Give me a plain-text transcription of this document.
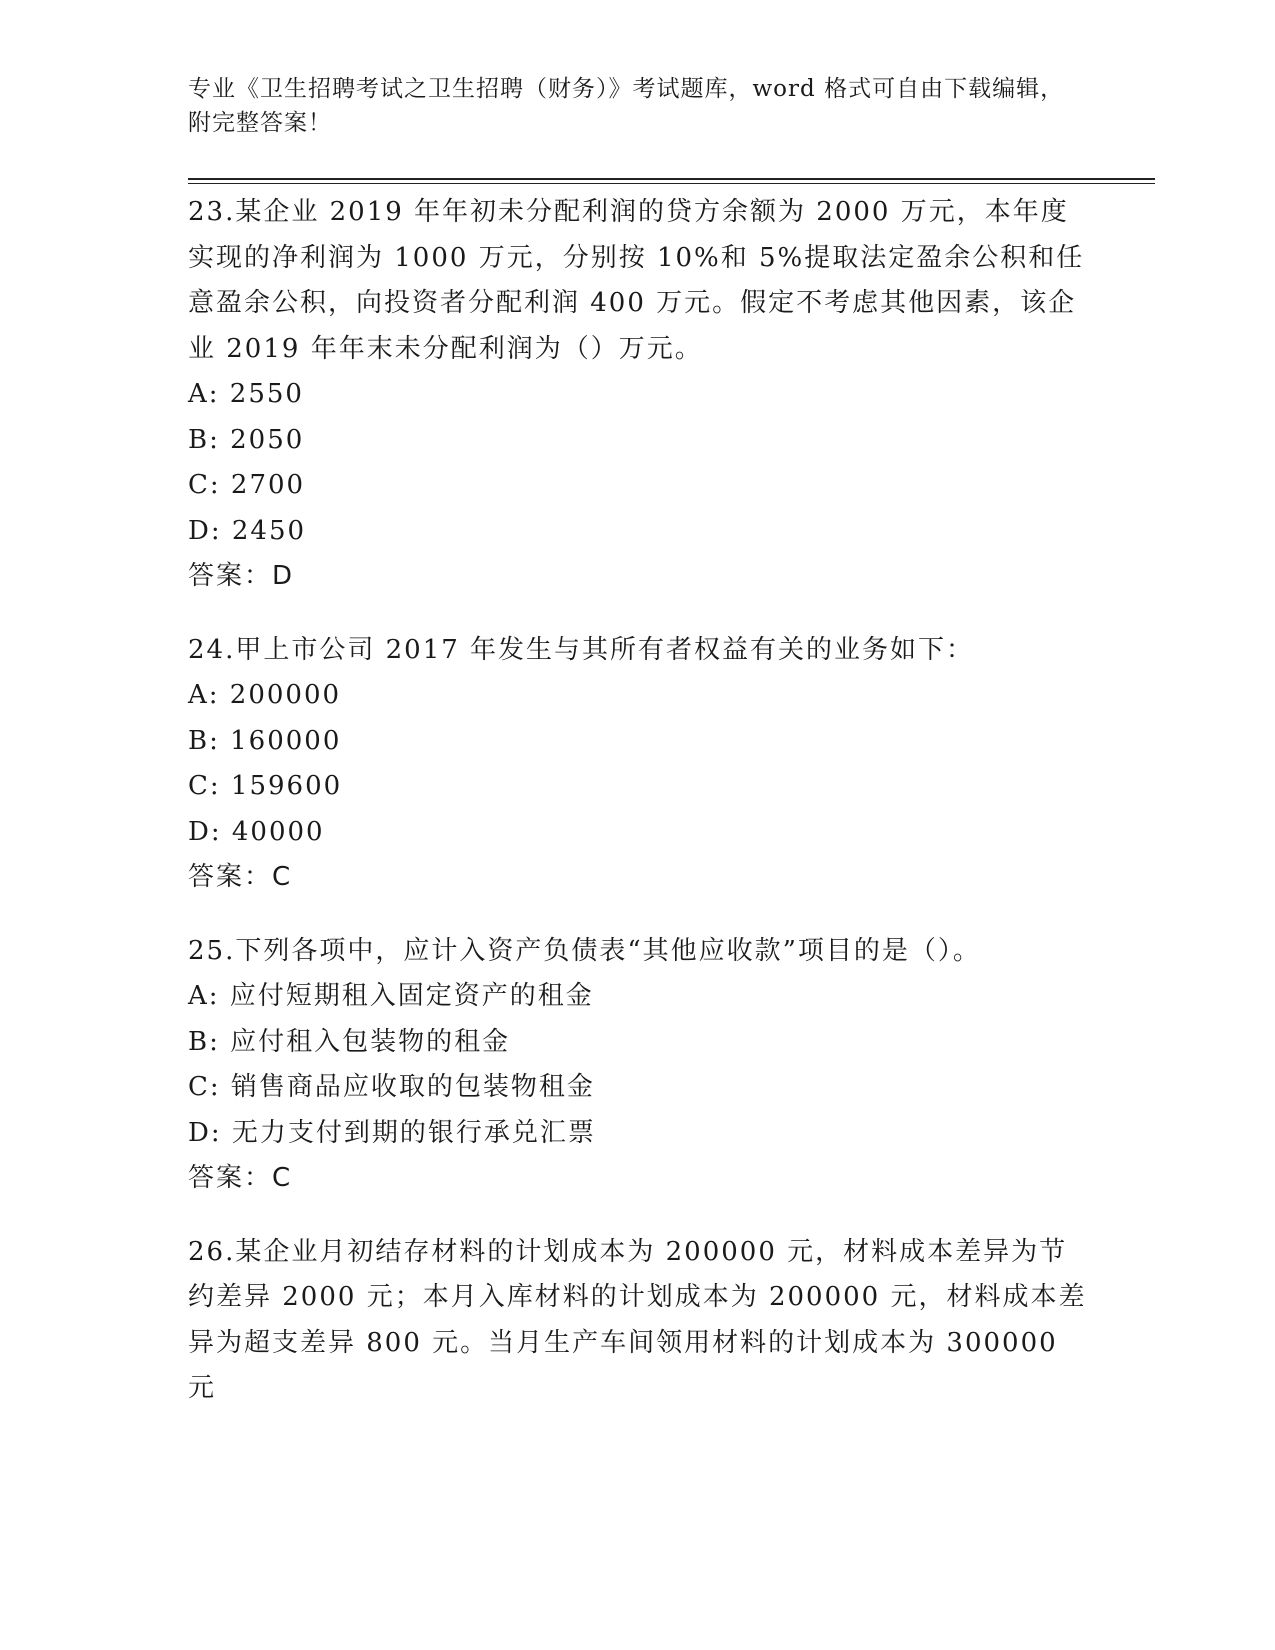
专业《卫生招聘考试之卫生招聘（财务）》考试题库，word 格式可自由下载编辑，附完整答案！
23.某企业 2019 年年初未分配利润的贷方余额为 2000 万元，本年度实现的净利润为 1000 万元，分别按 10%和 5%提取法定盈余公积和任意盈余公积，向投资者分配利润 400 万元。假定不考虑其他因素，该企业 2019 年年末未分配利润为（）万元。
A: 2550
B: 2050
C: 2700
D: 2450
答案：D
24.甲上市公司 2017 年发生与其所有者权益有关的业务如下：
A: 200000
B: 160000
C: 159600
D: 40000
答案：C
25.下列各项中，应计入资产负债表“其他应收款”项目的是（）。
A: 应付短期租入固定资产的租金
B: 应付租入包装物的租金
C: 销售商品应收取的包装物租金
D: 无力支付到期的银行承兑汇票
答案：C
26.某企业月初结存材料的计划成本为 200000 元，材料成本差异为节约差异 2000 元；本月入库材料的计划成本为 200000 元，材料成本差异为超支差异 800 元。当月生产车间领用材料的计划成本为 300000 元
